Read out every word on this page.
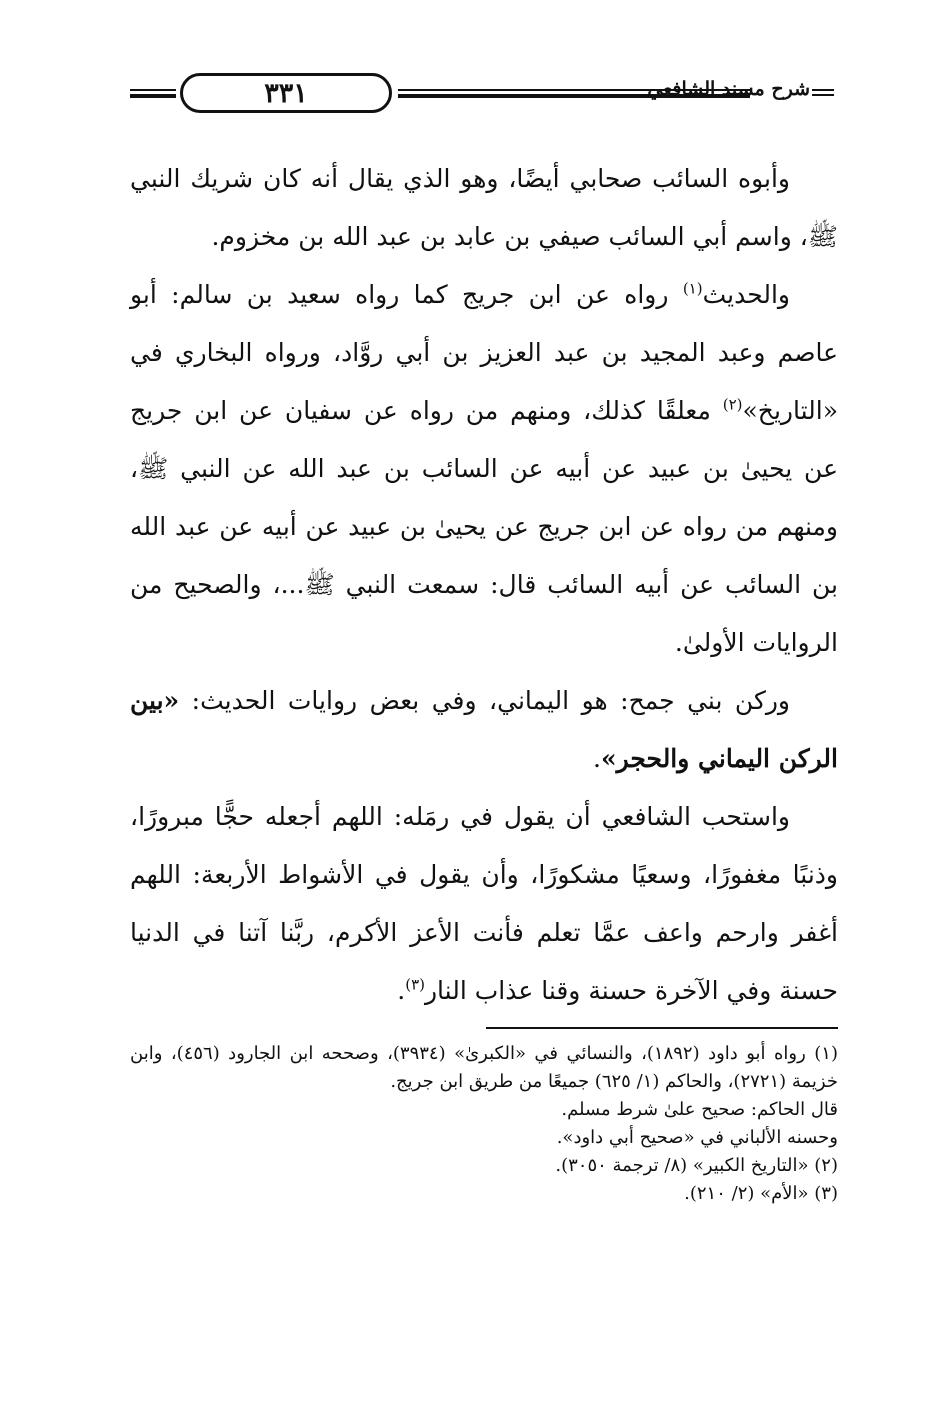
٣٣١	شرح مسند الشافعي

وأبوه السائب صحابي أيضًا، وهو الذي يقال أنه كان شريك النبي ﷺ، واسم أبي السائب صيفي بن عابد بن عبد الله بن مخزوم.

والحديث$^{(١)}$ رواه عن ابن جريج كما رواه سعيد بن سالم: أبو عاصم وعبد المجيد بن عبد العزيز بن أبي روَّاد، ورواه البخاري في «التاريخ»$^{(٢)}$ معلقًا كذلك، ومنهم من رواه عن سفيان عن ابن جريج عن يحيىٰ بن عبيد عن أبيه عن السائب بن عبد الله عن النبي ﷺ، ومنهم من رواه عن ابن جريج عن يحيىٰ بن عبيد عن أبيه عن عبد الله بن السائب عن أبيه السائب قال: سمعت النبي ﷺ...، والصحيح من الروايات الأولىٰ.

وركن بني جمح: هو اليماني، وفي بعض روايات الحديث: «بين الركن اليماني والحجر».

واستحب الشافعي أن يقول في رمَله: اللهم أجعله حجًّا مبرورًا، وذنبًا مغفورًا، وسعيًا مشكورًا، وأن يقول في الأشواط الأربعة: اللهم أغفر وارحم واعف عمَّا تعلم فأنت الأعز الأكرم، ربَّنا آتنا في الدنيا حسنة وفي الآخرة حسنة وقنا عذاب النار$^{(٣)}$.

(١) رواه أبو داود (١٨٩٢)، والنسائي في «الكبرىٰ» (٣٩٣٤)، وصححه ابن الجارود (٤٥٦)، وابن خزيمة (٢٧٢١)، والحاكم (١/ ٦٢٥) جميعًا من طريق ابن جريج.

قال الحاكم: صحيح علىٰ شرط مسلم.

وحسنه الألباني في «صحيح أبي داود».

(٢) «التاريخ الكبير» (٨/ ترجمة ٣٠٥٠).

(٣) «الأم» (٢/ ٢١٠).
